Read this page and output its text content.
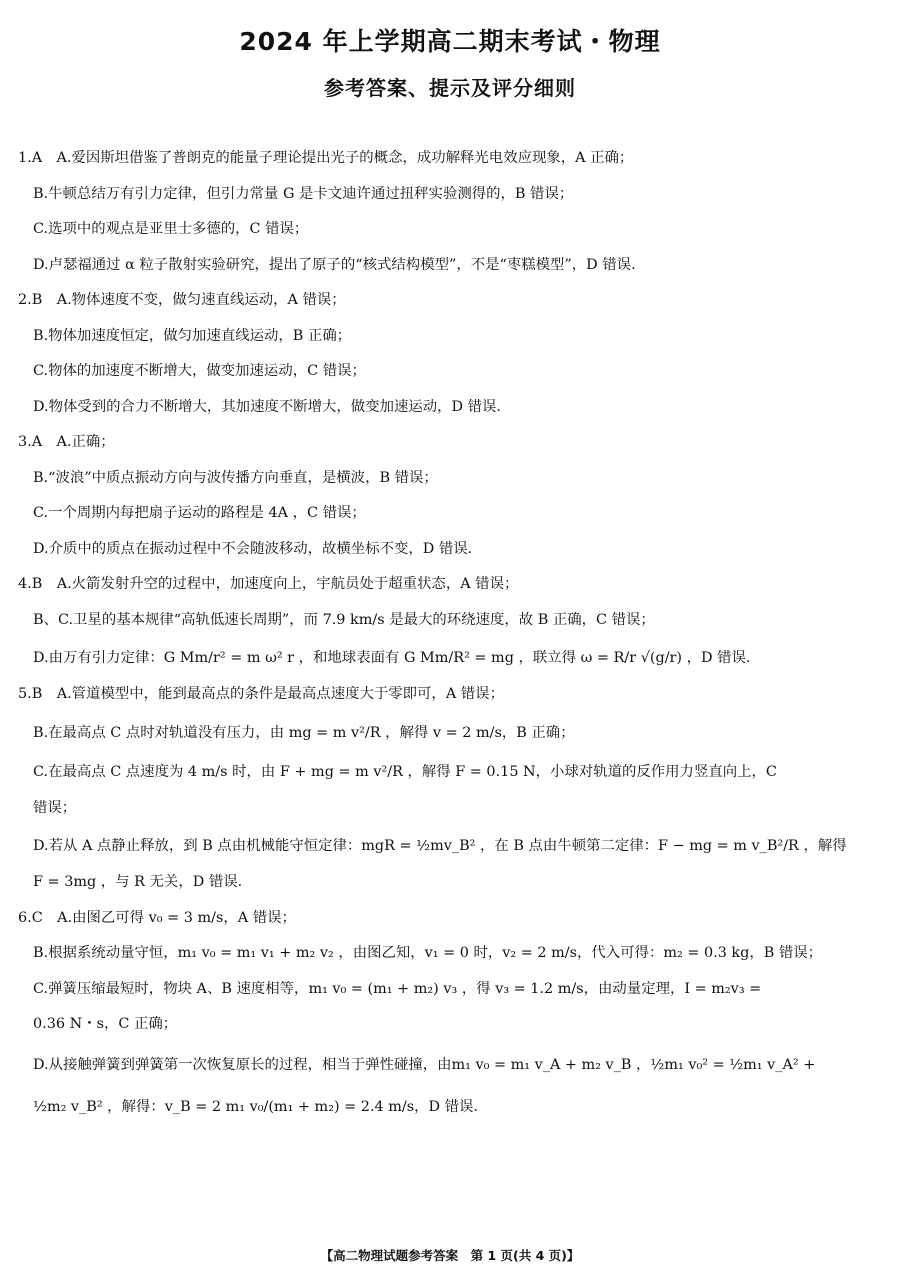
2024 年上学期高二期末考试・物理
参考答案、提示及评分细则
1.A　A.爱因斯坦借鉴了普朗克的能量子理论提出光子的概念，成功解释光电效应现象，A 正确；
B.牛顿总结万有引力定律，但引力常量 G 是卡文迪许通过扭秤实验测得的，B 错误；
C.选项中的观点是亚里士多德的，C 错误；
D.卢瑟福通过 α 粒子散射实验研究，提出了原子的“核式结构模型”，不是“枣糕模型”，D 错误.
2.B　A.物体速度不变，做匀速直线运动，A 错误；
B.物体加速度恒定，做匀加速直线运动，B 正确；
C.物体的加速度不断增大，做变加速运动，C 错误；
D.物体受到的合力不断增大，其加速度不断增大，做变加速运动，D 错误.
3.A　A.正确；
B.“波浪”中质点振动方向与波传播方向垂直，是横波，B 错误；
C.一个周期内每把扇子运动的路程是 4A ，C 错误；
D.介质中的质点在振动过程中不会随波移动，故横坐标不变，D 错误.
4.B　A.火箭发射升空的过程中，加速度向上，宇航员处于超重状态，A 错误；
B、C.卫星的基本规律“高轨低速长周期”，而 7.9 km/s 是最大的环绕速度，故 B 正确，C 错误；
D.由万有引力定律：G Mm/r² = m ω² r ，和地球表面有 G Mm/R² = mg ，联立得 ω = R/r √(g/r) ，D 错误.
5.B　A.管道模型中，能到最高点的条件是最高点速度大于零即可，A 错误；
B.在最高点 C 点时对轨道没有压力，由 mg = m v²/R ，解得 v = 2 m/s，B 正确；
C.在最高点 C 点速度为 4 m/s 时，由 F + mg = m v²/R ，解得 F = 0.15 N，小球对轨道的反作用力竖直向上，C
错误；
D.若从 A 点静止释放，到 B 点由机械能守恒定律：mgR = ½mv_B² ，在 B 点由牛顿第二定律：F − mg = m v_B²/R ，解得
F = 3mg ，与 R 无关，D 错误.
6.C　A.由图乙可得 v₀ = 3 m/s，A 错误；
B.根据系统动量守恒，m₁ v₀ = m₁ v₁ + m₂ v₂ ，由图乙知，v₁ = 0 时，v₂ = 2 m/s，代入可得：m₂ = 0.3 kg，B 错误；
C.弹簧压缩最短时，物块 A、B 速度相等，m₁ v₀ = (m₁ + m₂) v₃ ，得 v₃ = 1.2 m/s，由动量定理，I = m₂v₃ =
0.36 N・s，C 正确；
D.从接触弹簧到弹簧第一次恢复原长的过程，相当于弹性碰撞，由m₁ v₀ = m₁ v_A + m₂ v_B ，½m₁ v₀² = ½m₁ v_A² +
½m₂ v_B² ，解得：v_B = 2 m₁ v₀/(m₁ + m₂) = 2.4 m/s，D 错误.
【高二物理试题参考答案　第 1 页(共 4 页)】
